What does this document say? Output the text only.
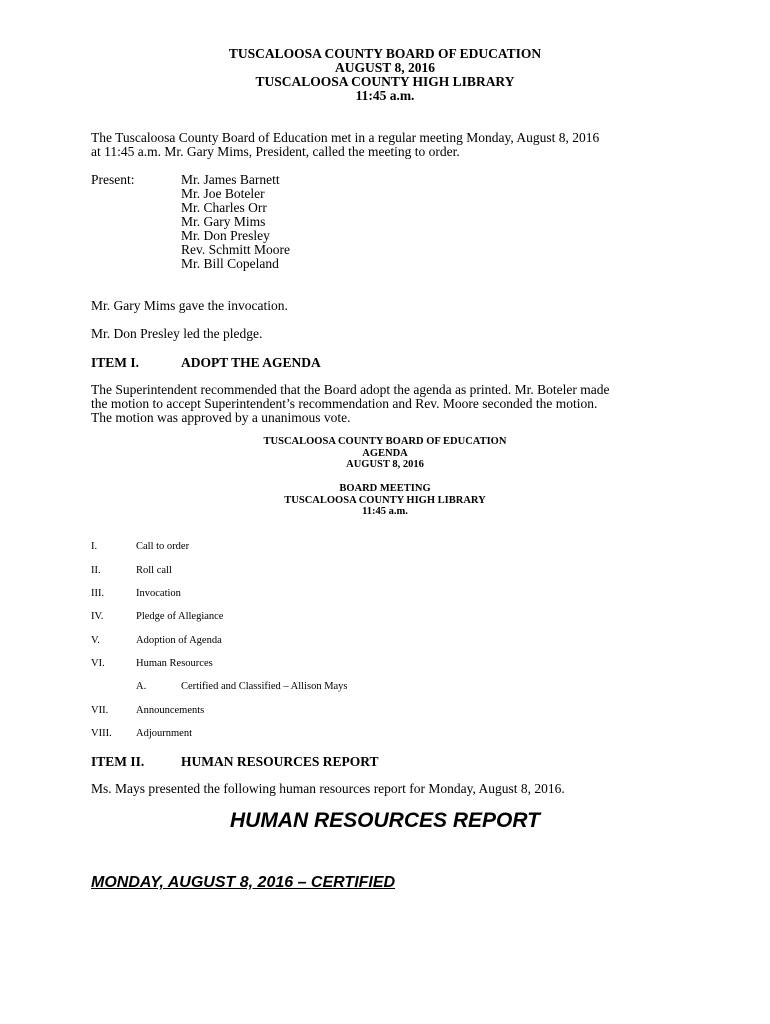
TUSCALOOSA COUNTY BOARD OF EDUCATION
AUGUST 8, 2016
TUSCALOOSA COUNTY HIGH LIBRARY
11:45 a.m.
The Tuscaloosa County Board of Education met in a regular meeting Monday, August 8, 2016
at 11:45 a.m. Mr. Gary Mims, President, called the meeting to order.
Present:	Mr. James Barnett
Mr. Joe Boteler
Mr. Charles Orr
Mr. Gary Mims
Mr. Don Presley
Rev. Schmitt Moore
Mr. Bill Copeland
Mr. Gary Mims gave the invocation.
Mr. Don Presley led the pledge.
ITEM I.	ADOPT THE AGENDA
The Superintendent recommended that the Board adopt the agenda as printed. Mr. Boteler made
the motion to accept Superintendent’s recommendation and Rev. Moore seconded the motion.
The motion was approved by a unanimous vote.
TUSCALOOSA COUNTY BOARD OF EDUCATION
AGENDA
AUGUST 8, 2016
BOARD MEETING
TUSCALOOSA COUNTY HIGH LIBRARY
11:45 a.m.
I.	Call to order
II.	Roll call
III.	Invocation
IV.	Pledge of Allegiance
V.	Adoption of Agenda
VI.	Human Resources
A.	Certified and Classified – Allison Mays
VII.	Announcements
VIII. Adjournment
ITEM II.	HUMAN RESOURCES REPORT
Ms. Mays presented the following human resources report for Monday, August 8, 2016.
HUMAN RESOURCES REPORT
MONDAY, AUGUST 8, 2016 – CERTIFIED
